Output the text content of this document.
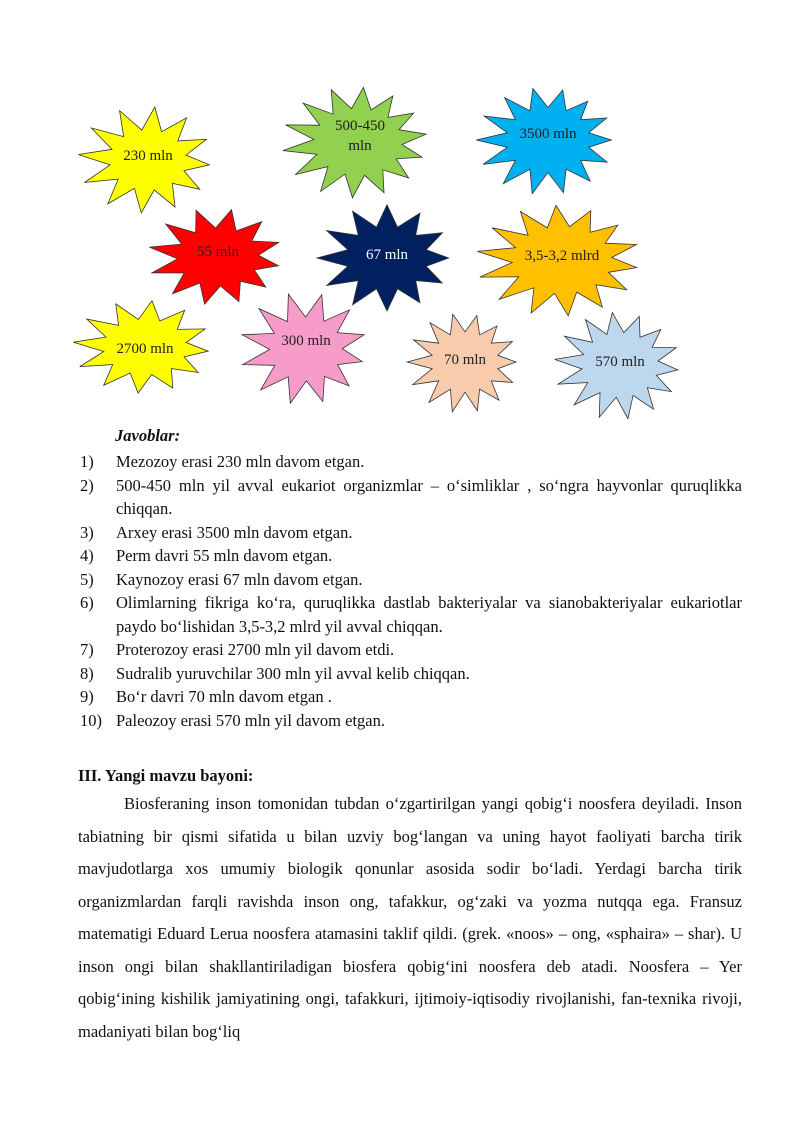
230 mln
500-450
mln
3500 mln
55 mln	67 mln	3,5-3,2 mlrd
2700 mln	300 mln
70 mln	570 mln
Javoblar:
1) Mezozoy erasi 230 mln davom etgan.
2) 500-450 mln yil avval eukariot organizmlar – o‘simliklar , so‘ngra hayvonlar quruqlikka chiqqan.
3) Arxey erasi 3500 mln davom etgan.
4) Perm davri 55 mln davom etgan.
5) Kaynozoy erasi 67 mln davom etgan.
6) Olimlarning fikriga ko‘ra, quruqlikka dastlab bakteriyalar va sianobakteriyalar eukariotlar paydo bo‘lishidan 3,5-3,2 mlrd yil avval chiqqan.
7) Proterozoy erasi 2700 mln yil davom etdi.
8) Sudralib yuruvchilar 300 mln yil avval kelib chiqqan.
9) Bo‘r davri 70 mln davom etgan .
10) Paleozoy erasi 570 mln yil davom etgan.
III. Yangi mavzu bayoni:

Biosferaning inson tomonidan tubdan o‘zgartirilgan yangi qobig‘i noosfera deyiladi. Inson tabiatning bir qismi sifatida u bilan uzviy bog‘langan va uning hayot faoliyati barcha tirik mavjudotlarga xos umumiy biologik qonunlar asosida sodir bo‘ladi. Yerdagi barcha tirik organizmlardan farqli ravishda inson ong, tafakkur, og‘zaki va yozma nutqqa ega. Fransuz matematigi Eduard Lerua noosfera atamasini taklif qildi. (grek. «noos» – ong, «sphaira» – shar). U inson ongi bilan shakllantiriladigan biosfera qobig‘ini noosfera deb atadi. Noosfera – Yer qobig‘ining kishilik jamiyatining ongi, tafakkuri, ijtimoiy-iqtisodiy rivojlanishi, fan-texnika rivoji, madaniyati bilan bog‘liq
